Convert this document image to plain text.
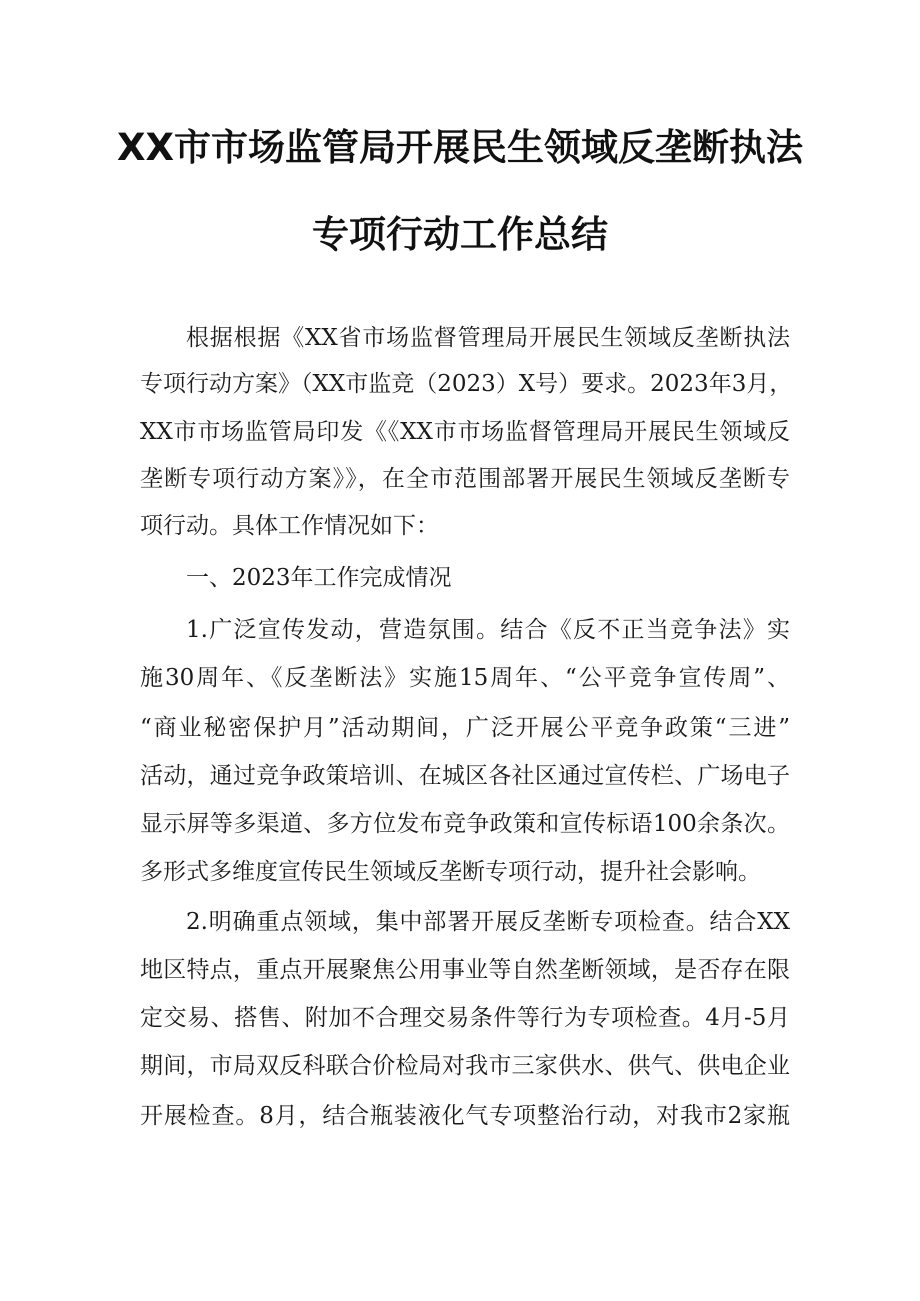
XX市市场监管局开展民生领域反垄断执法
专项行动工作总结
根据根据《XX省市场监督管理局开展民生领域反垄断执法
专项行动方案》（XX市监竞（2023）X号）要求。2023年3月，
XX市市场监管局印发《《XX市市场监督管理局开展民生领域反
垄断专项行动方案》》，在全市范围部署开展民生领域反垄断专
项行动。具体工作情况如下：
一、2023年工作完成情况
1.广泛宣传发动，营造氛围。结合《反不正当竞争法》实
施30周年、《反垄断法》实施15周年、“公平竞争宣传周”、
“商业秘密保护月”活动期间，广泛开展公平竞争政策“三进”
活动，通过竞争政策培训、在城区各社区通过宣传栏、广场电子
显示屏等多渠道、多方位发布竞争政策和宣传标语100余条次。
多形式多维度宣传民生领域反垄断专项行动，提升社会影响。
2.明确重点领域，集中部署开展反垄断专项检查。结合XX
地区特点，重点开展聚焦公用事业等自然垄断领域，是否存在限
定交易、搭售、附加不合理交易条件等行为专项检查。4月-5月
期间，市局双反科联合价检局对我市三家供水、供气、供电企业
开展检查。8月，结合瓶装液化气专项整治行动，对我市2家瓶
